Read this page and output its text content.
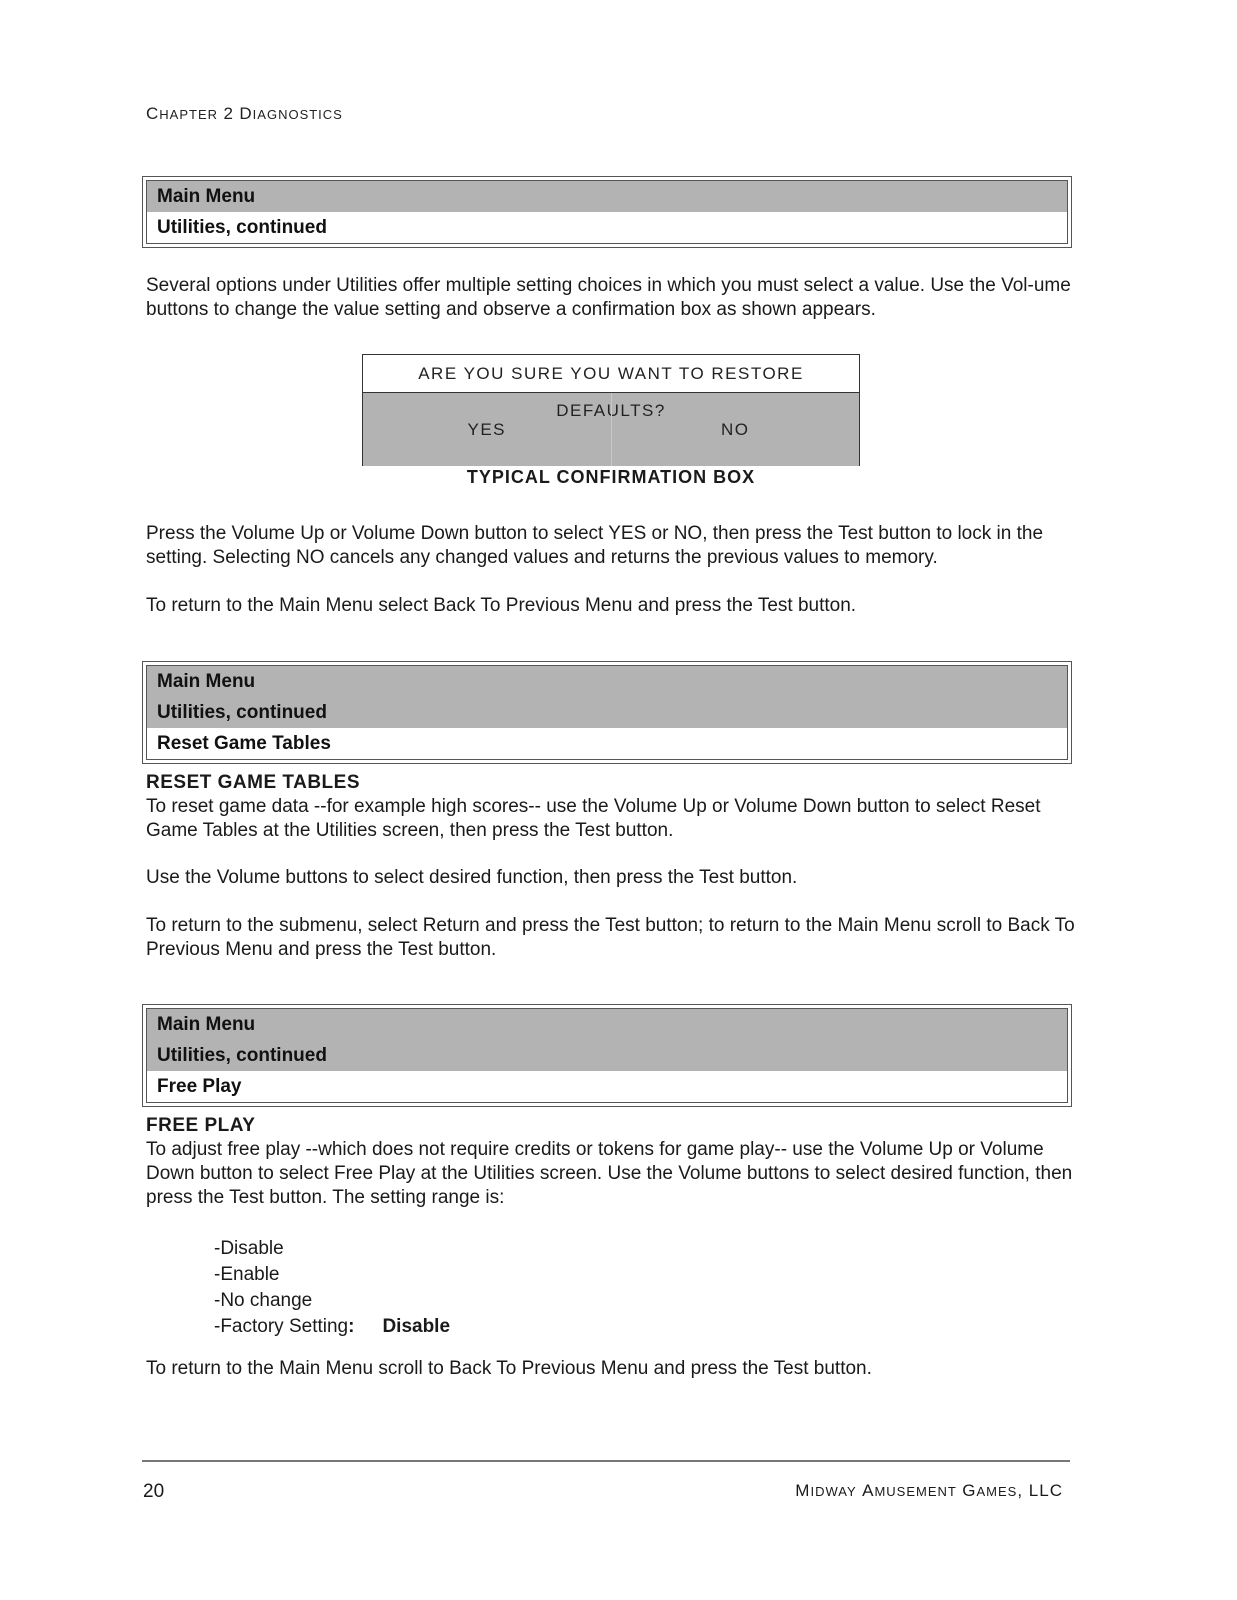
CHAPTER 2 DIAGNOSTICS
Main Menu
Utilities, continued

Several options under Utilities offer multiple setting choices in which you must select a value. Use the Vol-ume buttons to change the value setting and observe a confirmation box as shown appears.

ARE YOU SURE YOU WANT TO RESTORE DEFAULTS?
YES	NO
TYPICAL CONFIRMATION BOX

Press the Volume Up or Volume Down button to select YES or NO, then press the Test button to lock in the setting. Selecting NO cancels any changed values and returns the previous values to memory.

To return to the Main Menu select Back To Previous Menu and press the Test button.

Main Menu
Utilities, continued
Reset Game Tables
RESET GAME TABLES

To reset game data --for example high scores-- use the Volume Up or Volume Down button to select Reset Game Tables at the Utilities screen, then press the Test button.

Use the Volume buttons to select desired function, then press the Test button.

To return to the submenu, select Return and press the Test button; to return to the Main Menu scroll to Back To Previous Menu and press the Test button.

Main Menu
Utilities, continued
Free Play
FREE PLAY

To adjust free play --which does not require credits or tokens for game play-- use the Volume Up or Volume Down button to select Free Play at the Utilities screen. Use the Volume buttons to select desired function, then press the Test button. The setting range is:

-Disable
-Enable
-No change
-Factory Setting: Disable

To return to the Main Menu scroll to Back To Previous Menu and press the Test button.

20	MIDWAY AMUSEMENT GAMES, LLC
